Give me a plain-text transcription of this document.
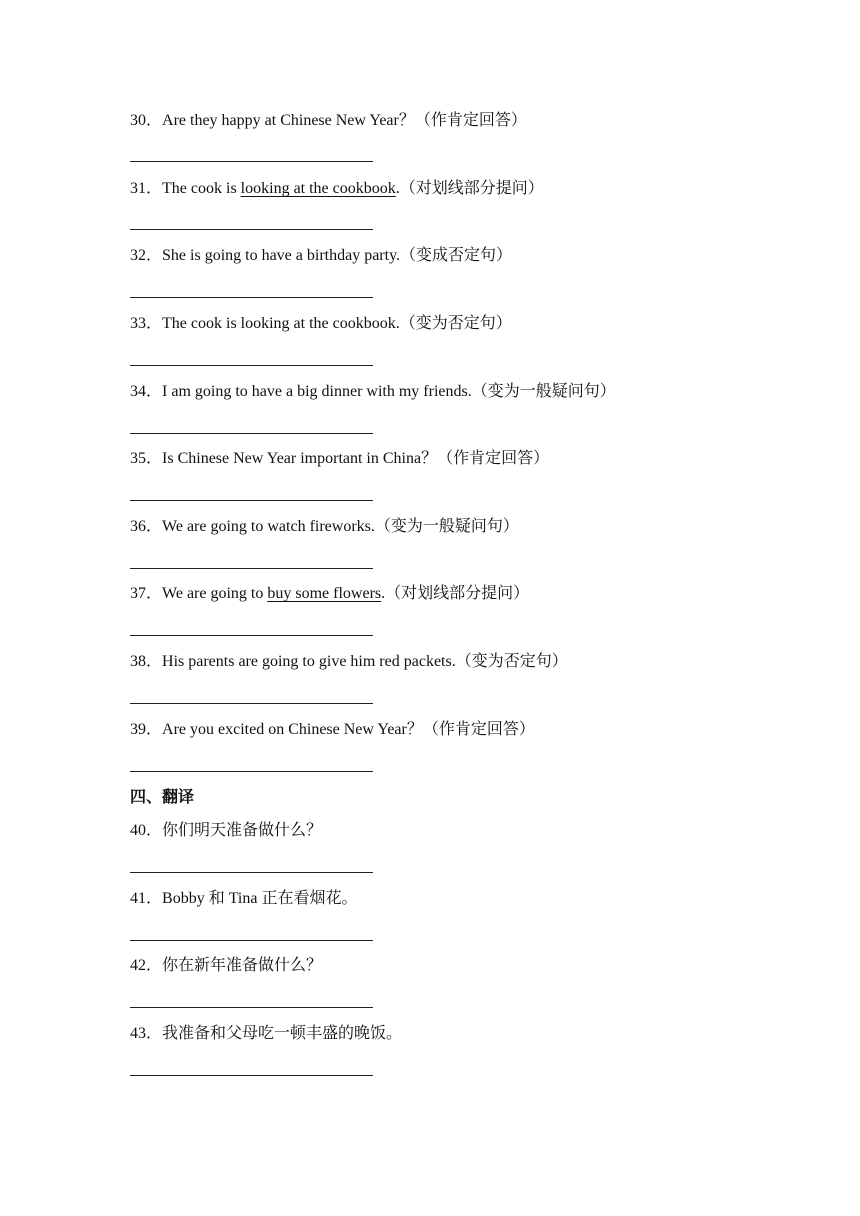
30．Are they happy at Chinese New Year？（作肯定回答）
31．The cook is looking at the cookbook.（对划线部分提问）
32．She is going to have a birthday party.（变成否定句）
33．The cook is looking at the cookbook.（变为否定句）
34．I am going to have a big dinner with my friends.（变为一般疑问句）
35．Is Chinese New Year important in China？（作肯定回答）
36．We are going to watch fireworks.（变为一般疑问句）
37．We are going to buy some flowers.（对划线部分提问）
38．His parents are going to give him red packets.（变为否定句）
39．Are you excited on Chinese New Year？（作肯定回答）
四、翻译
40．你们明天准备做什么？
41．Bobby 和 Tina 正在看烟花。
42．你在新年准备做什么？
43．我准备和父母吃一顿丰盛的晚饭。
